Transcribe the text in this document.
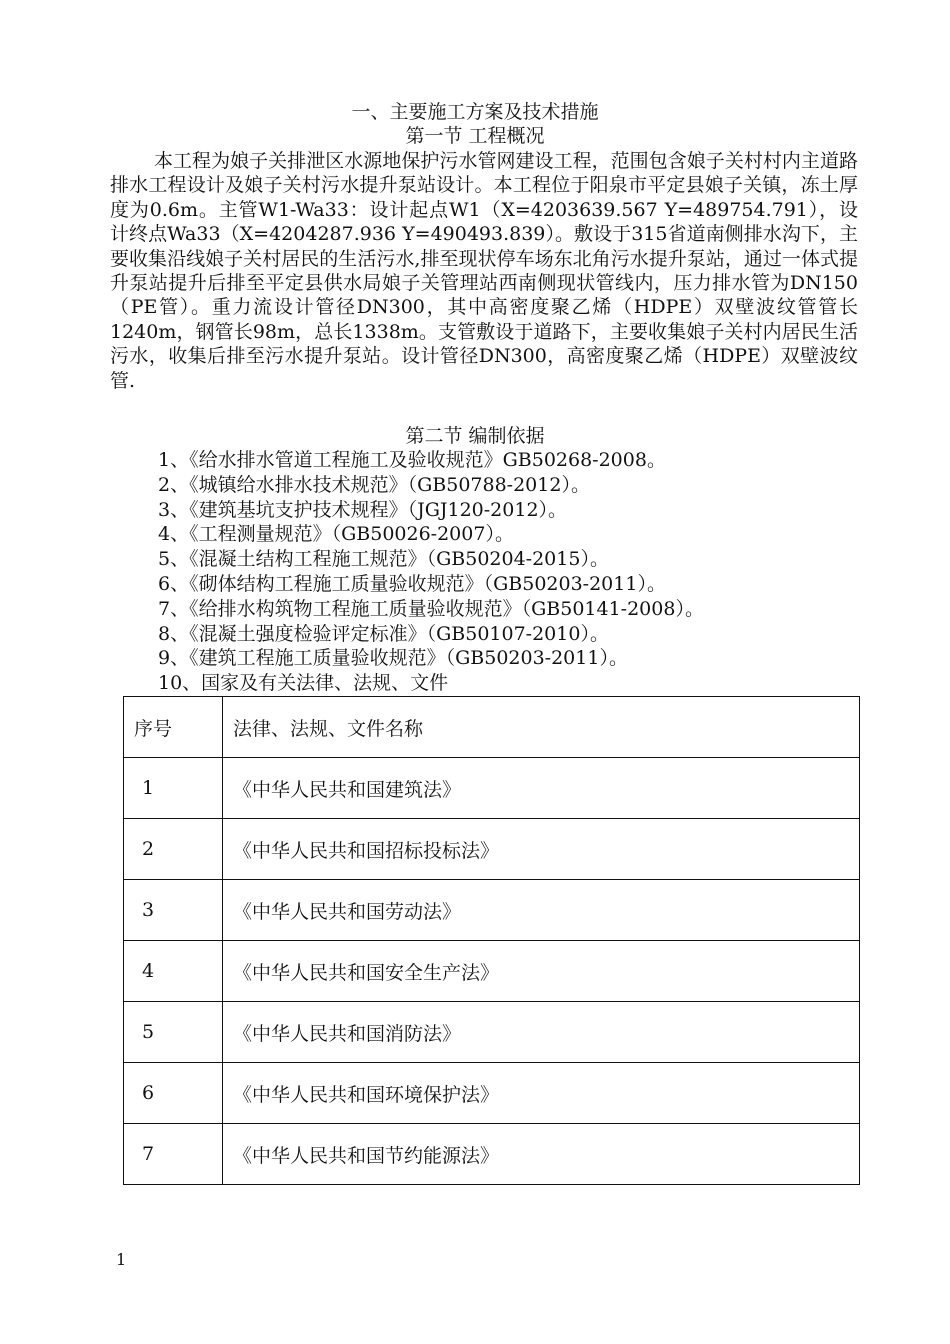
一、主要施工方案及技术措施
第一节 工程概况

本工程为娘子关排泄区水源地保护污水管网建设工程，范围包含娘子关村村内主道路排水工程设计及娘子关村污水提升泵站设计。本工程位于阳泉市平定县娘子关镇，冻土厚度为0.6m。主管W1-Wa33：设计起点W1（X=4203639.567 Y=489754.791），设计终点Wa33（X=4204287.936 Y=490493.839）。敷设于315省道南侧排水沟下，主要收集沿线娘子关村居民的生活污水,排至现状停车场东北角污水提升泵站，通过一体式提升泵站提升后排至平定县供水局娘子关管理站西南侧现状管线内，压力排水管为DN150（PE管）。重力流设计管径DN300，其中高密度聚乙烯（HDPE）双壁波纹管管长1240m，钢管长98m，总长1338m。支管敷设于道路下，主要收集娘子关村内居民生活污水，收集后排至污水提升泵站。设计管径DN300，高密度聚乙烯（HDPE）双壁波纹管.

第二节 编制依据
1、《给水排水管道工程施工及验收规范》GB50268-2008。
2、《城镇给水排水技术规范》（GB50788-2012）。
3、《建筑基坑支护技术规程》（JGJ120-2012）。
4、《工程测量规范》（GB50026-2007）。
5、《混凝土结构工程施工规范》（GB50204-2015）。
6、《砌体结构工程施工质量验收规范》（GB50203-2011）。
7、《给排水构筑物工程施工质量验收规范》（GB50141-2008）。
8、《混凝土强度检验评定标准》（GB50107-2010）。
9、《建筑工程施工质量验收规范》（GB50203-2011）。
10、国家及有关法律、法规、文件
序号	法律、法规、文件名称
1	《中华人民共和国建筑法》
2	《中华人民共和国招标投标法》
3	《中华人民共和国劳动法》
4	《中华人民共和国安全生产法》
5	《中华人民共和国消防法》
6	《中华人民共和国环境保护法》
7	《中华人民共和国节约能源法》
1
